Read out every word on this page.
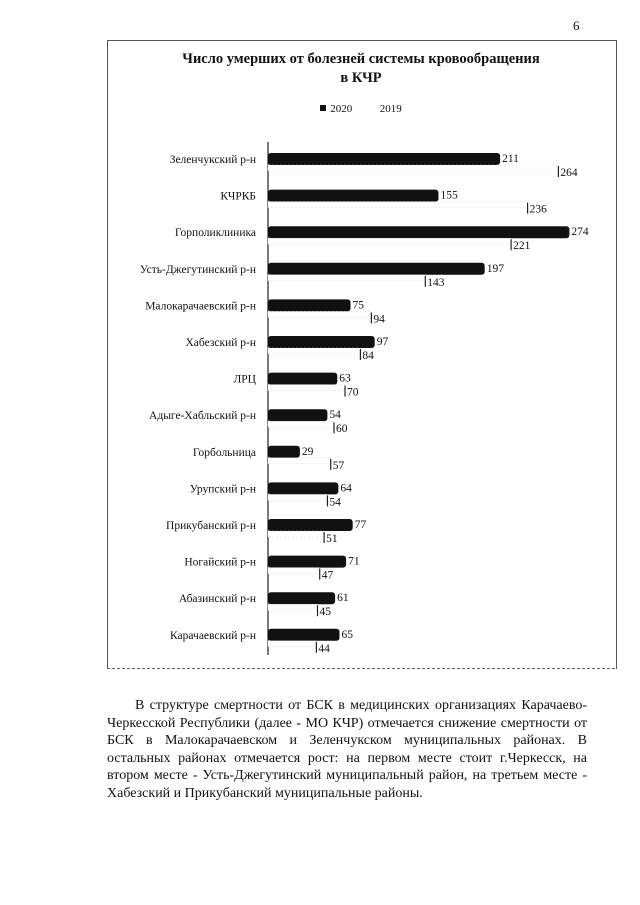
6
Число умерших от болезней системы кровообращения
в КЧР
2020	2019
Зеленчукский р-н	211
264
КЧРКБ	155
236
Горполиклиника	274
221
Усть-Джегутинский р-н	197
143
Малокарачаевский р-н	75
94
Хабезский р-н	97
84
ЛРЦ	63
70
Адыге-Хабльский р-н	54
60
Горбольница	29
57
Урупский р-н	64
54
Прикубанский р-н	77
51
Ногайский р-н	71
47
Абазинский р-н	61
45
Карачаевский р-н	65
44

В структуре смертности от БСК в медицинских организациях Карачаево-Черкесской Республики (далее - МО КЧР) отмечается снижение смертности от БСК в Малокарачаевском и Зеленчукском муниципальных районах. В остальных районах отмечается рост: на первом месте стоит г.Черкесск, на втором месте - Усть-Джегутинский муниципальный район, на третьем месте - Хабезский и Прикубанский муниципальные районы.
